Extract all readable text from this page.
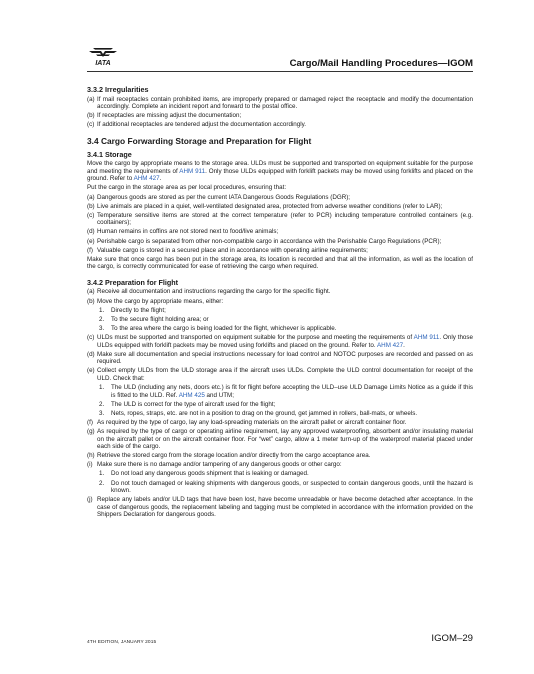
IATA	Cargo/Mail Handling Procedures—IGOM
3.3.2 Irregularities
(a) If mail receptacles contain prohibited items, are improperly prepared or damaged reject the receptacle and modify the documentation accordingly. Complete an incident report and forward to the postal office.
(b) If receptacles are missing adjust the documentation;
(c) If additional receptacles are tendered adjust the documentation accordingly.
3.4 Cargo Forwarding Storage and Preparation for Flight
3.4.1 Storage
Move the cargo by appropriate means to the storage area. ULDs must be supported and transported on equipment suitable for the purpose and meeting the requirements of AHM 911. Only those ULDs equipped with forklift packets may be moved using forklifts and placed on the ground. Refer to AHM 427.
Put the cargo in the storage area as per local procedures, ensuring that:
(a) Dangerous goods are stored as per the current IATA Dangerous Goods Regulations (DGR);
(b) Live animals are placed in a quiet, well-ventilated designated area, protected from adverse weather conditions (refer to LAR);
(c) Temperature sensitive items are stored at the correct temperature (refer to PCR) including temperature controlled containers (e.g. cooltainers);
(d) Human remains in coffins are not stored next to food/live animals;
(e) Perishable cargo is separated from other non-compatible cargo in accordance with the Perishable Cargo Regulations (PCR);
(f) Valuable cargo is stored in a secured place and in accordance with operating airline requirements;
Make sure that once cargo has been put in the storage area, its location is recorded and that all the information, as well as the location of the cargo, is correctly communicated for ease of retrieving the cargo when required.
3.4.2 Preparation for Flight
(a) Receive all documentation and instructions regarding the cargo for the specific flight.
(b) Move the cargo by appropriate means, either:
1. Directly to the flight;
2. To the secure flight holding area; or
3. To the area where the cargo is being loaded for the flight, whichever is applicable.
(c) ULDs must be supported and transported on equipment suitable for the purpose and meeting the requirements of AHM 911. Only those ULDs equipped with forklift packets may be moved using forklifts and placed on the ground. Refer to. AHM 427.
(d) Make sure all documentation and special instructions necessary for load control and NOTOC purposes are recorded and passed on as required.
(e) Collect empty ULDs from the ULD storage area if the aircraft uses ULDs. Complete the ULD control documentation for receipt of the ULD. Check that:
1. The ULD (including any nets, doors etc.) is fit for flight before accepting the ULD–use ULD Damage Limits Notice as a guide if this is fitted to the ULD. Ref. AHM 425 and UTM;
2. The ULD is correct for the type of aircraft used for the flight;
3. Nets, ropes, straps, etc. are not in a position to drag on the ground, get jammed in rollers, ball-mats, or wheels.
(f) As required by the type of cargo, lay any load-spreading materials on the aircraft pallet or aircraft container floor.
(g) As required by the type of cargo or operating airline requirement, lay any approved waterproofing, absorbent and/or insulating material on the aircraft pallet or on the aircraft container floor. For “wet” cargo, allow a 1 meter turn-up of the waterproof material placed under each side of the cargo.
(h) Retrieve the stored cargo from the storage location and/or directly from the cargo acceptance area.
(i) Make sure there is no damage and/or tampering of any dangerous goods or other cargo:
1. Do not load any dangerous goods shipment that is leaking or damaged.
2. Do not touch damaged or leaking shipments with dangerous goods, or suspected to contain dangerous goods, until the hazard is known.
(j) Replace any labels and/or ULD tags that have been lost, have become unreadable or have become detached after acceptance. In the case of dangerous goods, the replacement labeling and tagging must be completed in accordance with the information provided on the Shippers Declaration for dangerous goods.
4TH EDITION, JANUARY 2015	IGOM–29
